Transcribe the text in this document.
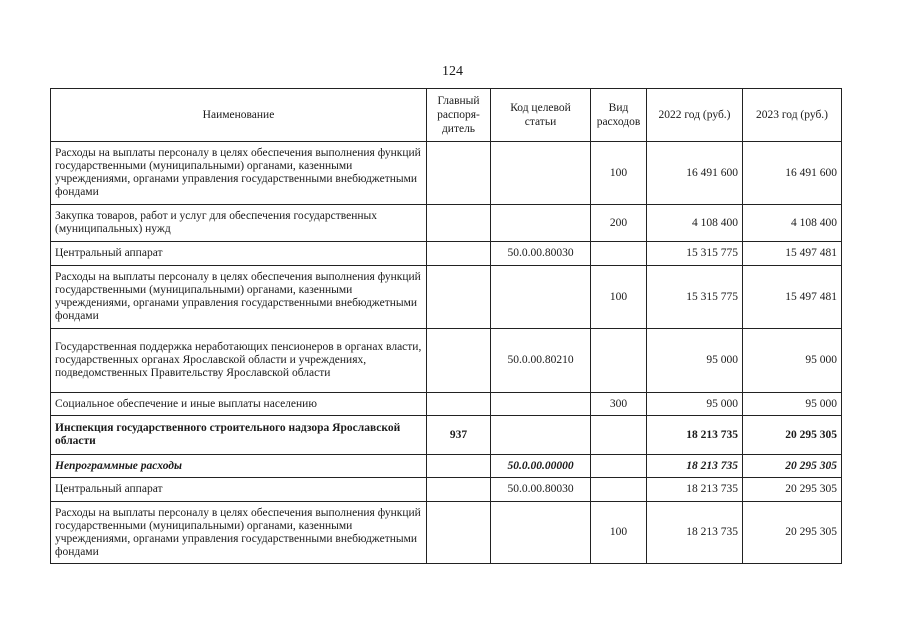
124
Наименование	Главный распоря-дитель	Код целевой статьи	Вид расходов	2022 год (руб.)	2023 год (руб.)
Расходы на выплаты персоналу в целях обеспечения выполнения функций государственными (муниципальными) органами, казенными учреждениями, органами управления государственными внебюджетными фондами			100	16 491 600	16 491 600
Закупка товаров, работ и услуг для обеспечения государственных (муниципальных) нужд			200	4 108 400	4 108 400
Центральный аппарат		50.0.00.80030		15 315 775	15 497 481
Расходы на выплаты персоналу в целях обеспечения выполнения функций государственными (муниципальными) органами, казенными учреждениями, органами управления государственными внебюджетными фондами			100	15 315 775	15 497 481
Государственная поддержка неработающих пенсионеров в органах власти, государственных органах Ярославской области и учреждениях, подведомственных Правительству Ярославской области		50.0.00.80210		95 000	95 000
Социальное обеспечение и иные выплаты населению			300	95 000	95 000
Инспекция государственного строительного надзора Ярославской области	937			18 213 735	20 295 305
Непрограммные расходы		50.0.00.00000		18 213 735	20 295 305
Центральный аппарат		50.0.00.80030		18 213 735	20 295 305
Расходы на выплаты персоналу в целях обеспечения выполнения функций государственными (муниципальными) органами, казенными учреждениями, органами управления государственными внебюджетными фондами			100	18 213 735	20 295 305
